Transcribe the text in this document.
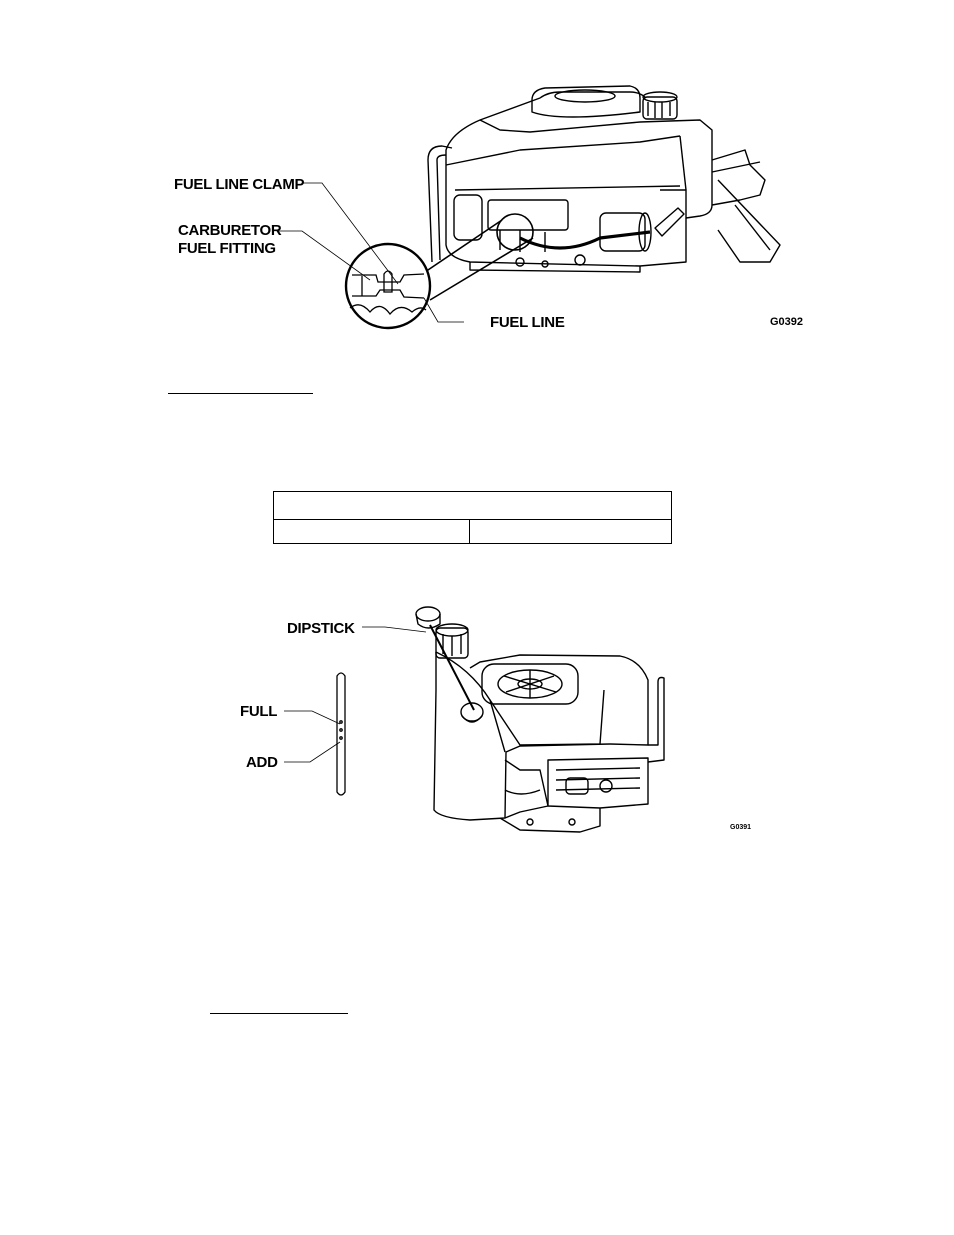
FUEL LINE CLAMP
CARBURETOR
FUEL FITTING
FUEL LINE	G0392

DIPSTICK
FULL
ADD
G0391
